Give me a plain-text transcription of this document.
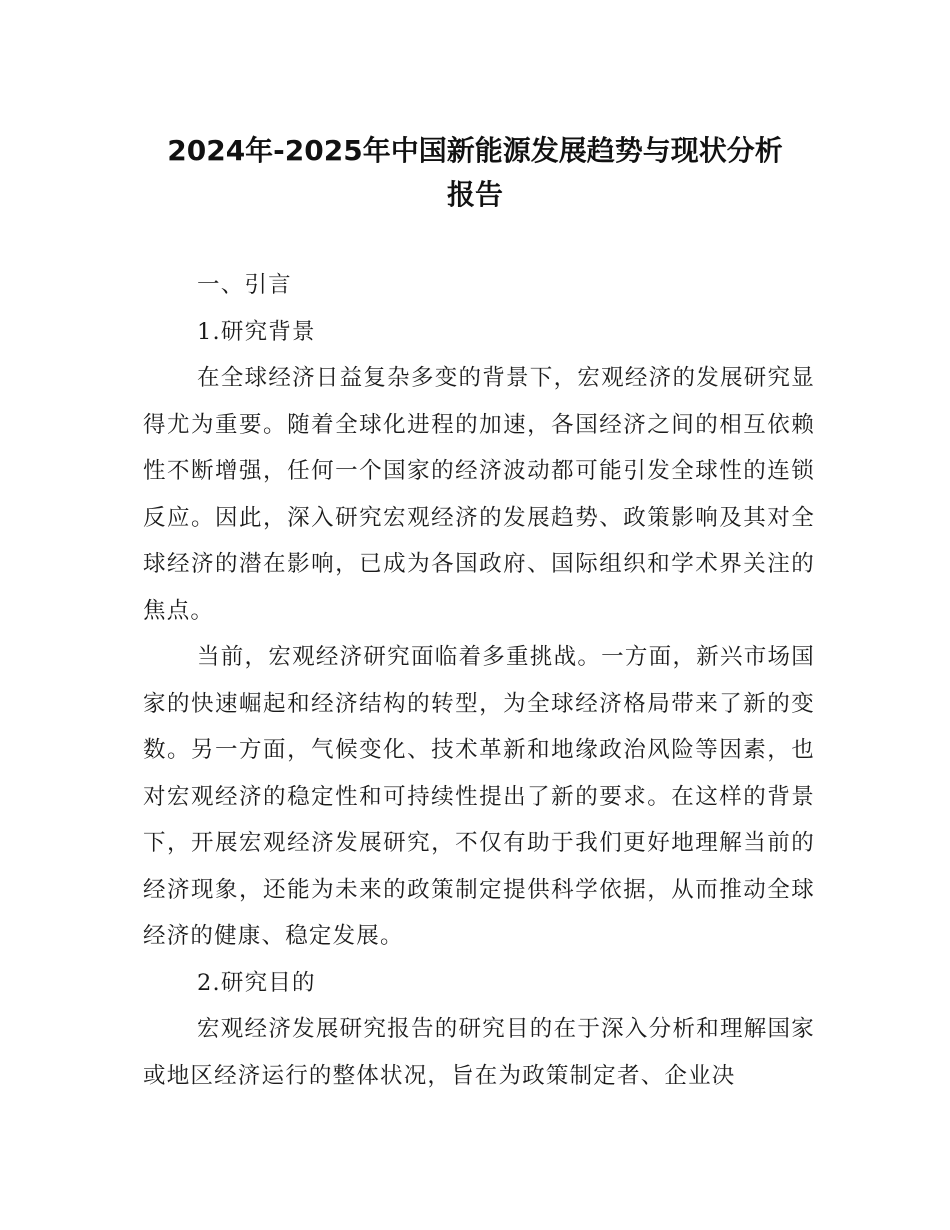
2024年-2025年中国新能源发展趋势与现状分析
报告

一、引言

1.研究背景

在全球经济日益复杂多变的背景下，宏观经济的发展研究显得尤为重要。随着全球化进程的加速，各国经济之间的相互依赖性不断增强，任何一个国家的经济波动都可能引发全球性的连锁反应。因此，深入研究宏观经济的发展趋势、政策影响及其对全球经济的潜在影响，已成为各国政府、国际组织和学术界关注的焦点。

当前，宏观经济研究面临着多重挑战。一方面，新兴市场国家的快速崛起和经济结构的转型，为全球经济格局带来了新的变数。另一方面，气候变化、技术革新和地缘政治风险等因素，也对宏观经济的稳定性和可持续性提出了新的要求。在这样的背景下，开展宏观经济发展研究，不仅有助于我们更好地理解当前的经济现象，还能为未来的政策制定提供科学依据，从而推动全球经济的健康、稳定发展。

2.研究目的

宏观经济发展研究报告的研究目的在于深入分析和理解国家或地区经济运行的整体状况，旨在为政策制定者、企业决
